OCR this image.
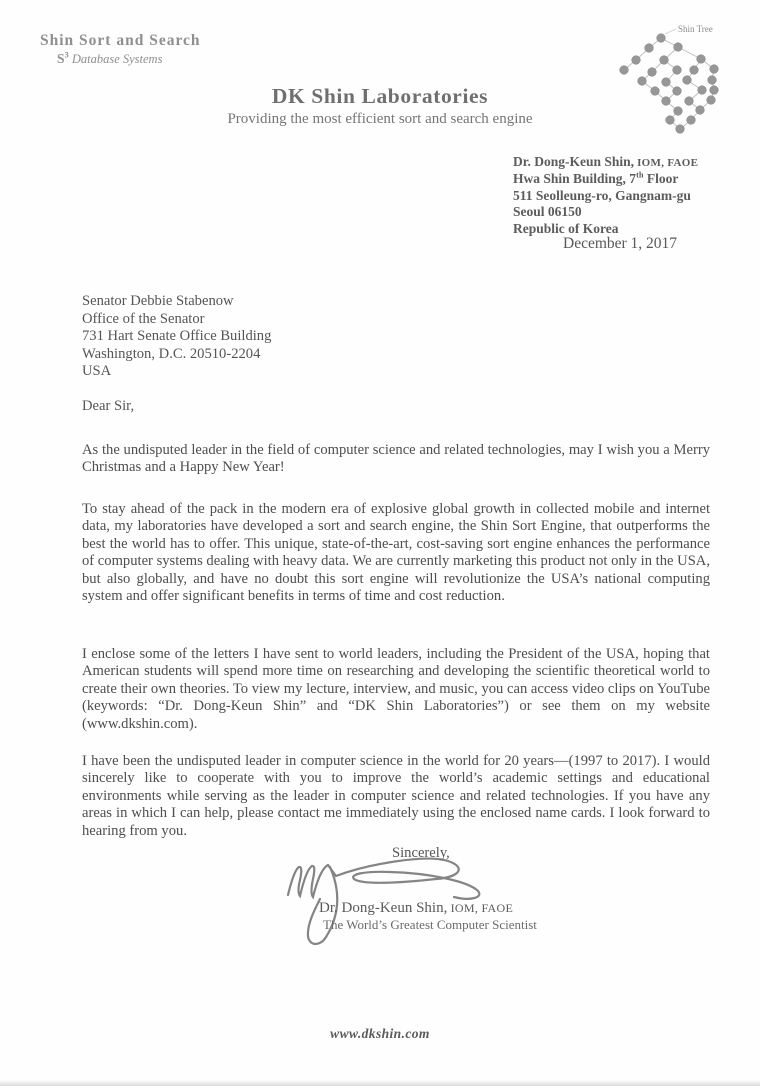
Shin Sort and Search
$S^3$ Database Systems
Shin Tree
DK Shin Laboratories
Providing the most efficient sort and search engine
Dr. Dong-Keun Shin, IOM, FAOE
Hwa Shin Building, 7th Floor
511 Seolleung-ro, Gangnam-gu
Seoul 06150
Republic of Korea
December 1, 2017
Senator Debbie Stabenow
Office of the Senator
731 Hart Senate Office Building
Washington, D.C. 20510-2204
USA
Dear Sir,

As the undisputed leader in the field of computer science and related technologies, may I wish you a Merry Christmas and a Happy New Year!

To stay ahead of the pack in the modern era of explosive global growth in collected mobile and internet data, my laboratories have developed a sort and search engine, the Shin Sort Engine, that outperforms the best the world has to offer. This unique, state-of-the-art, cost-saving sort engine enhances the performance of computer systems dealing with heavy data. We are currently marketing this product not only in the USA, but also globally, and have no doubt this sort engine will revolutionize the USA’s national computing system and offer significant benefits in terms of time and cost reduction.

I enclose some of the letters I have sent to world leaders, including the President of the USA, hoping that American students will spend more time on researching and developing the scientific theoretical world to create their own theories. To view my lecture, interview, and music, you can access video clips on YouTube (keywords: “Dr. Dong-Keun Shin” and “DK Shin Laboratories”) or see them on my website (www.dkshin.com).

I have been the undisputed leader in computer science in the world for 20 years—(1997 to 2017). I would sincerely like to cooperate with you to improve the world’s academic settings and educational environments while serving as the leader in computer science and related technologies. If you have any areas in which I can help, please contact me immediately using the enclosed name cards. I look forward to hearing from you.

Sincerely,
Dr. Dong-Keun Shin, IOM, FAOE
The World’s Greatest Computer Scientist
www.dkshin.com
